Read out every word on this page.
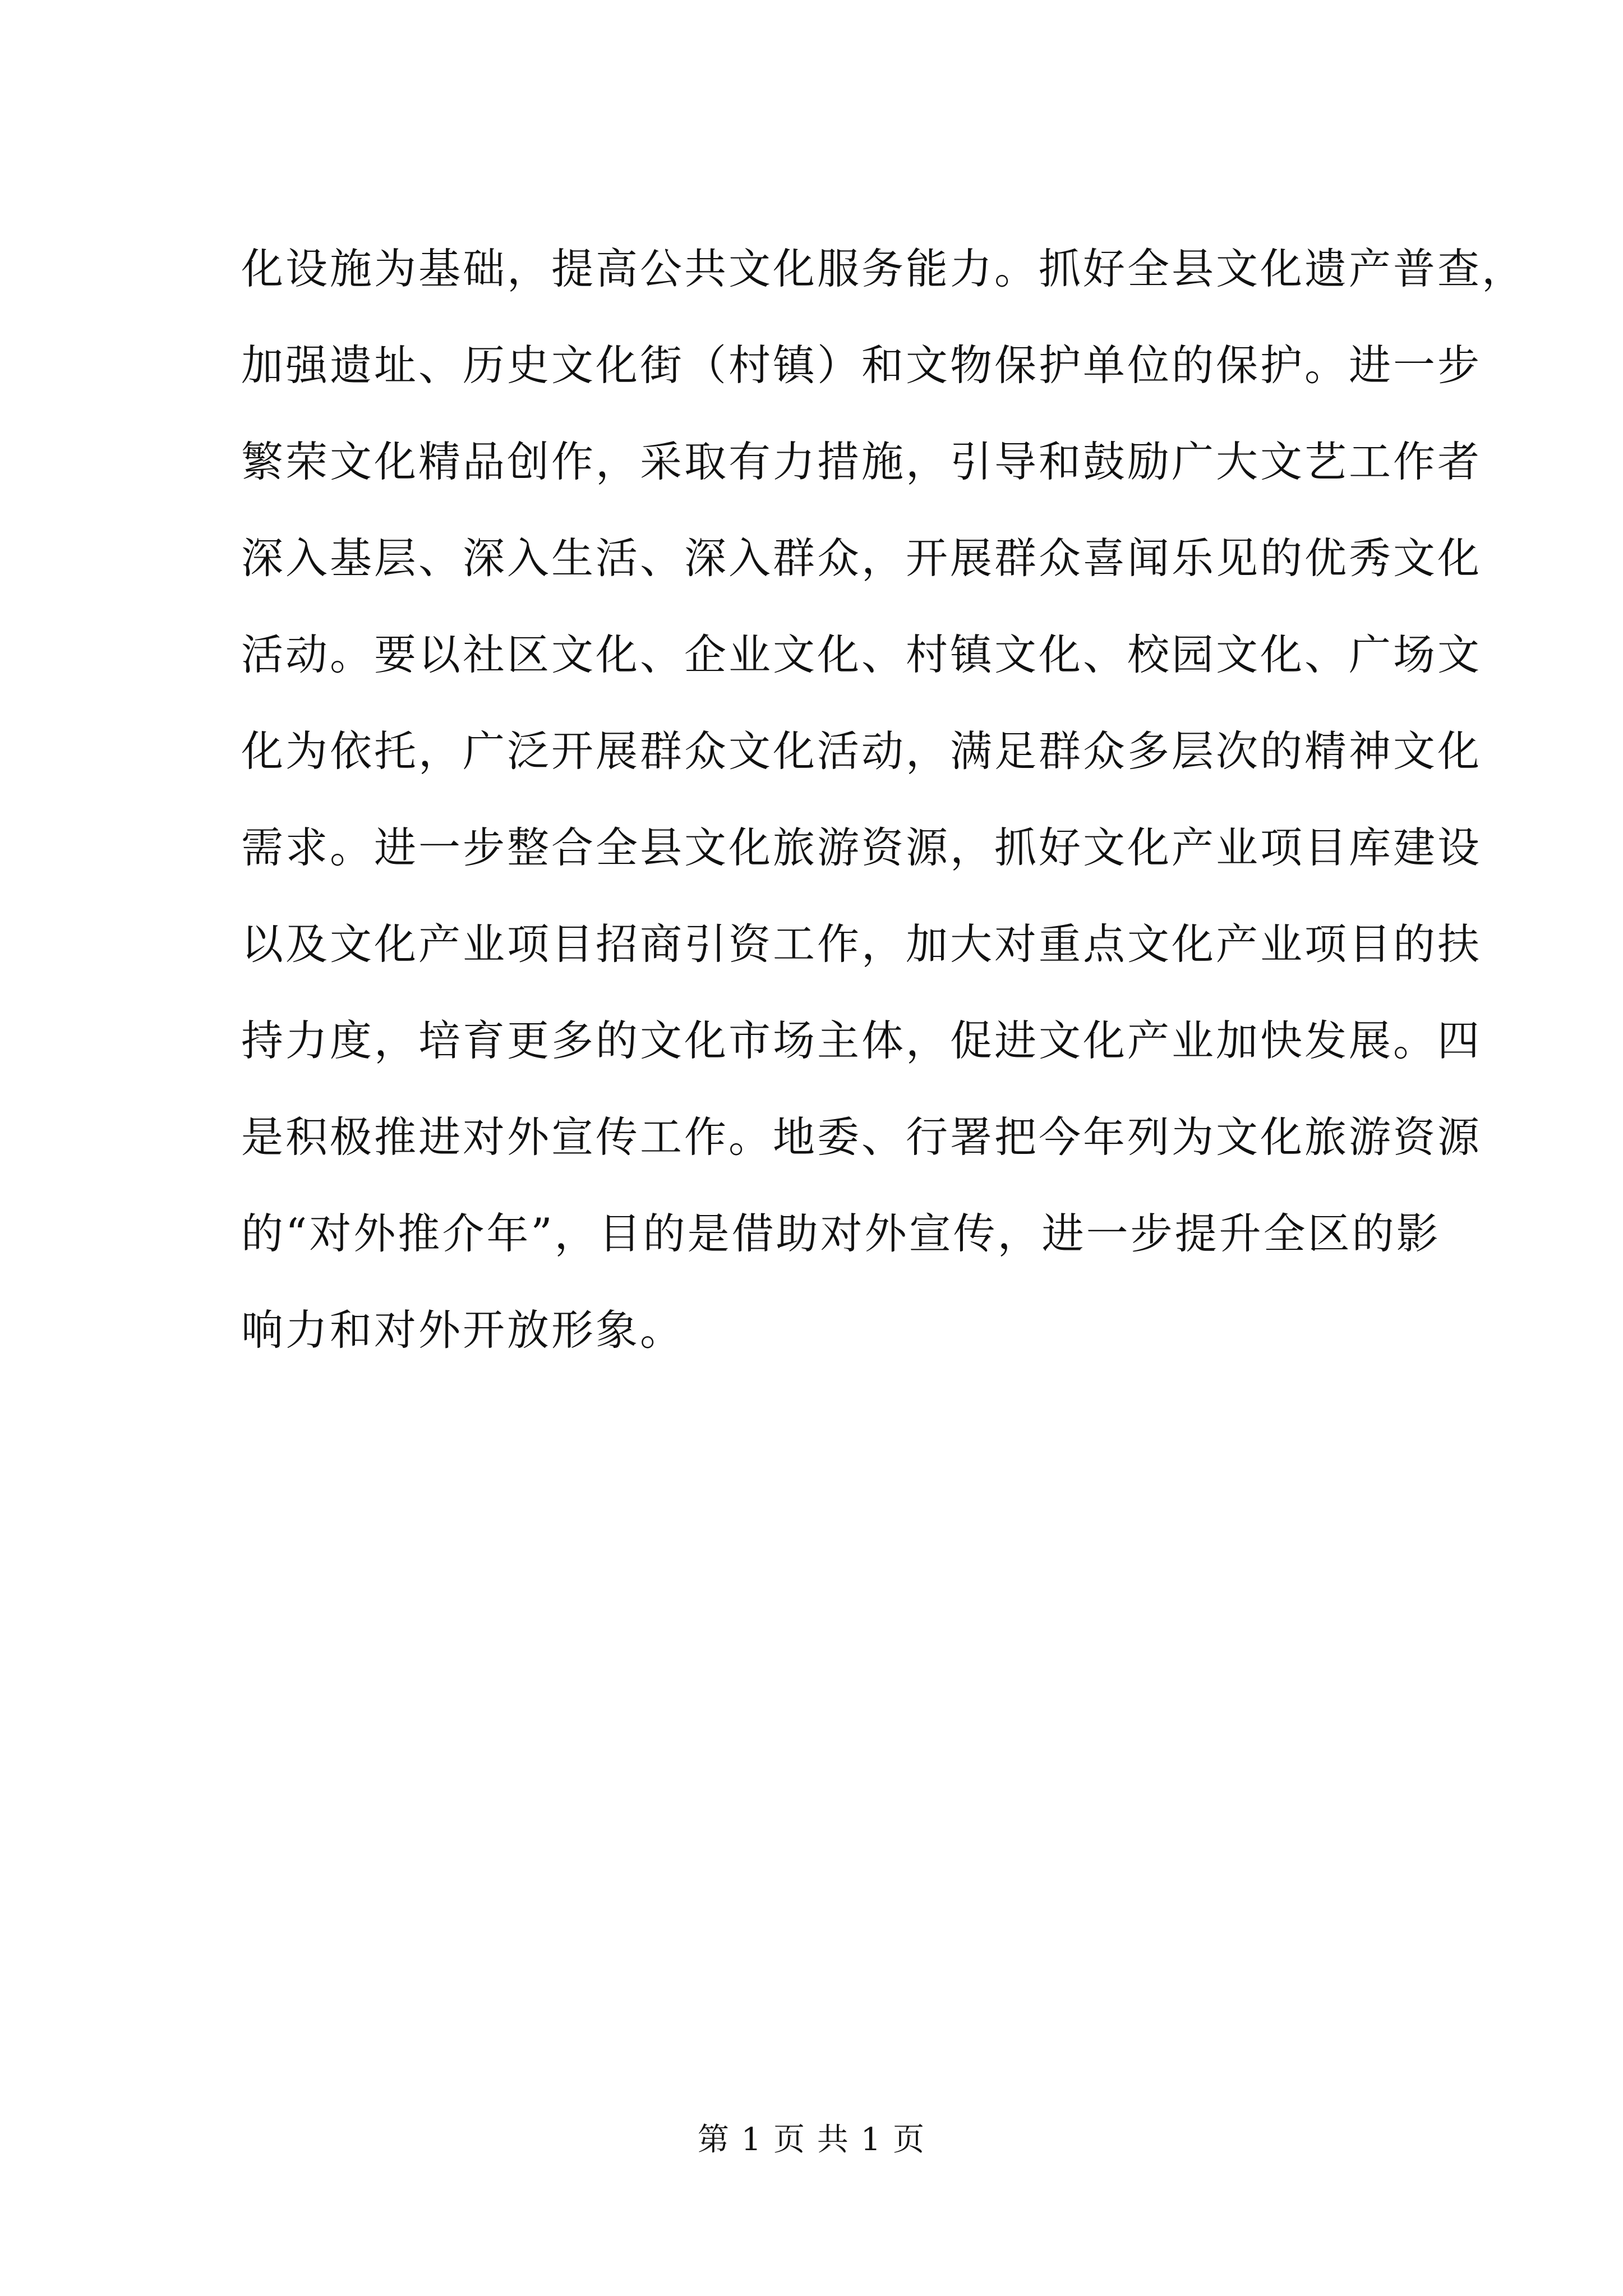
化设施为基础，提高公共文化服务能力。抓好全县文化遗产普查，
加强遗址、历史文化街（村镇）和文物保护单位的保护。进一步
繁荣文化精品创作，采取有力措施，引导和鼓励广大文艺工作者
深入基层、深入生活、深入群众，开展群众喜闻乐见的优秀文化
活动。要以社区文化、企业文化、村镇文化、校园文化、广场文
化为依托，广泛开展群众文化活动，满足群众多层次的精神文化
需求。进一步整合全县文化旅游资源，抓好文化产业项目库建设
以及文化产业项目招商引资工作，加大对重点文化产业项目的扶
持力度，培育更多的文化市场主体，促进文化产业加快发展。四
是积极推进对外宣传工作。地委、行署把今年列为文化旅游资源
的“对外推介年”，目的是借助对外宣传，进一步提升全区的影
响力和对外开放形象。
第 1 页 共 1 页
